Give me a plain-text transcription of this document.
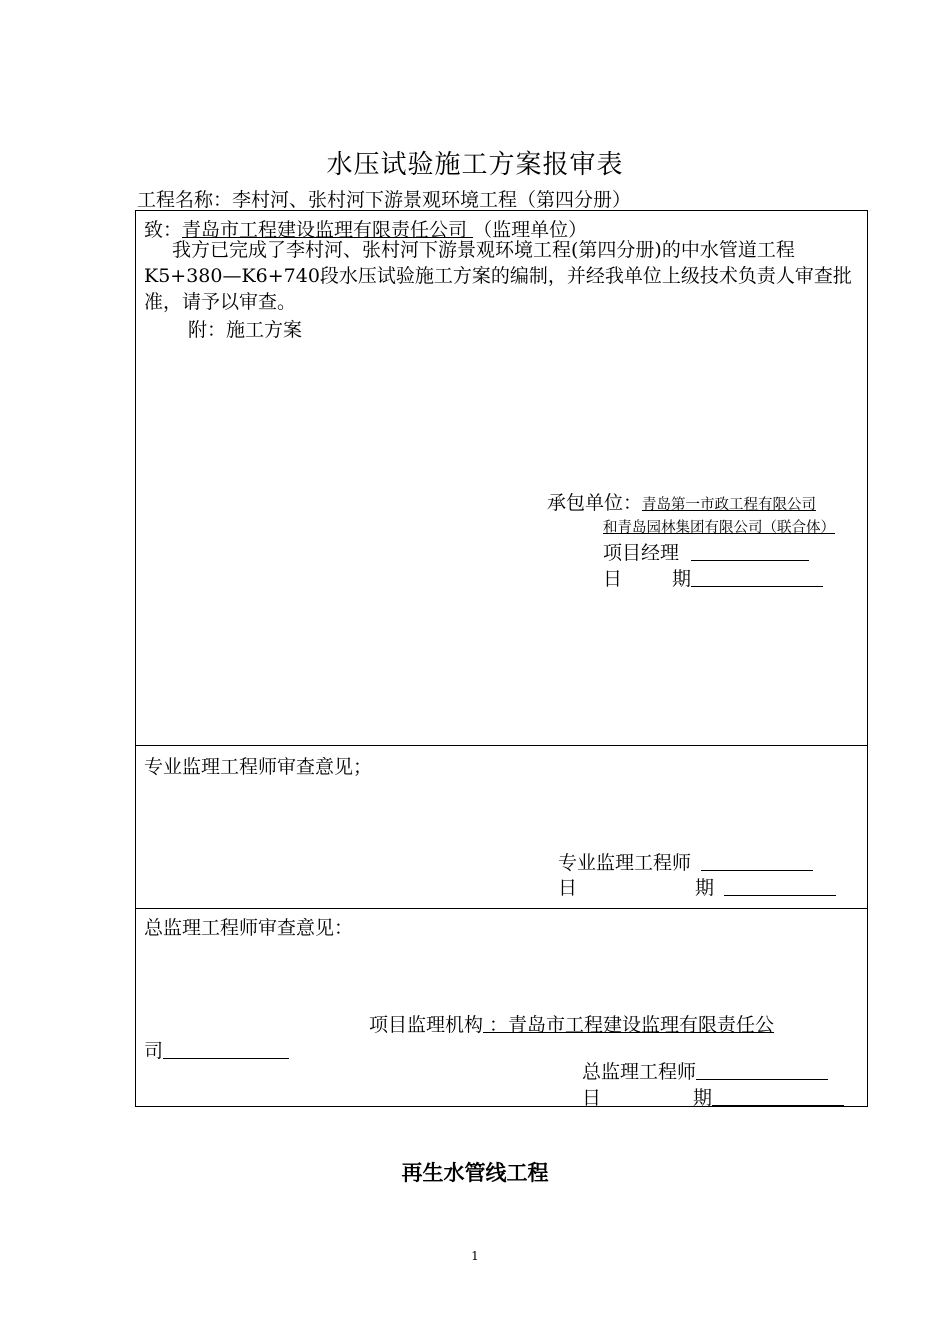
水压试验施工方案报审表
工程名称：李村河、张村河下游景观环境工程（第四分册）
致：青岛市工程建设监理有限责任公司 （监理单位）
我方已完成了李村河、张村河下游景观环境工程(第四分册)的中水管道工程K5+380—K6+740段水压试验施工方案的编制，并经我单位上级技术负责人审查批准，请予以审查。
附：施工方案
承包单位：青岛第一市政工程有限公司
和青岛园林集团有限公司（联合体）
项目经理
日	期
专业监理工程师审查意见；
专业监理工程师
日	期
总监理工程师审查意见：
项目监理机构 ：青岛市工程建设监理有限责任公
司
总监理工程师
日	期
再生水管线工程
1
